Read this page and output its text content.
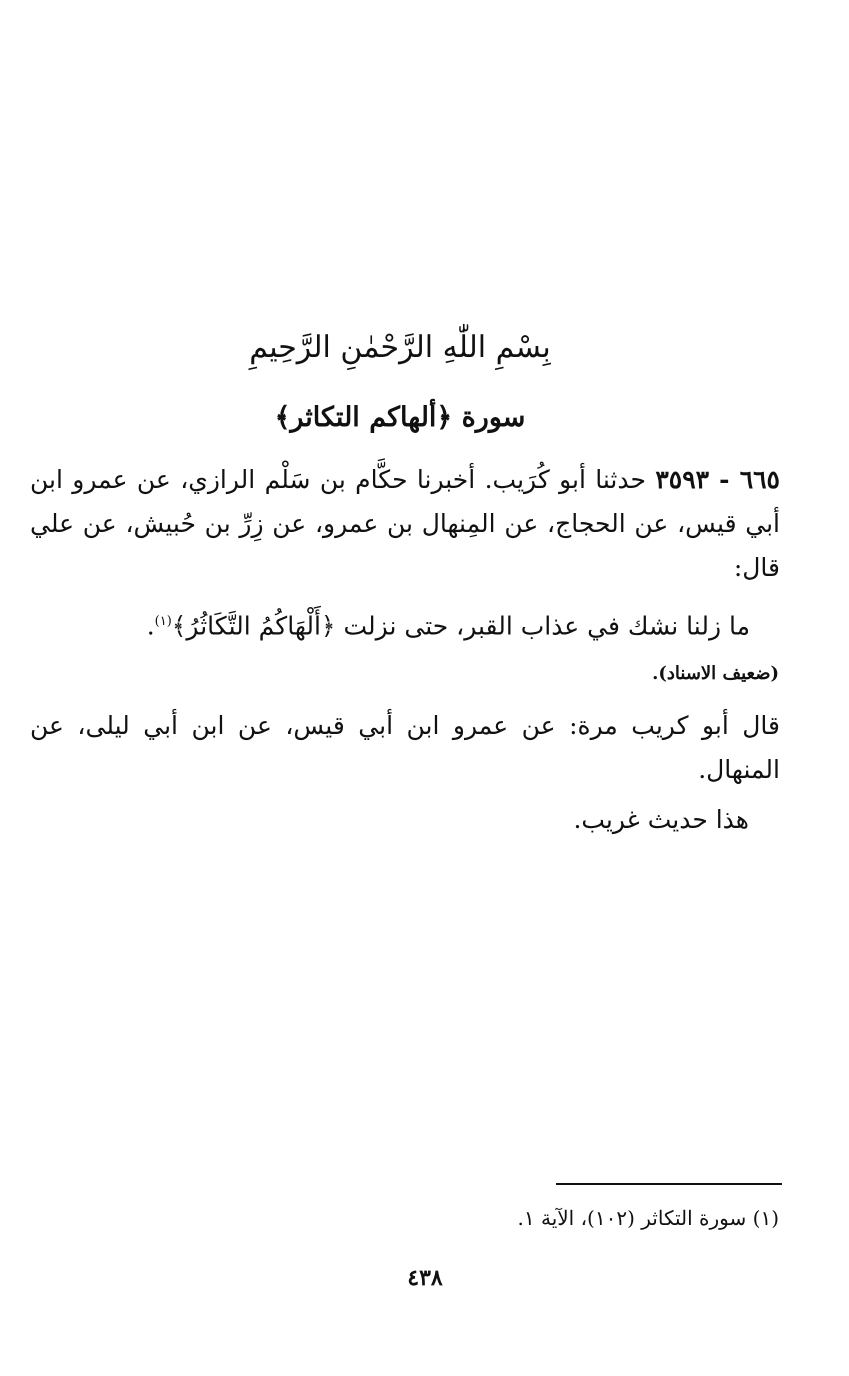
بِسْمِ اللّٰهِ الرَّحْمٰنِ الرَّحِيمِ
سورة ﴿ألهاكم التكاثر﴾
٦٦٥ - ٣٥٩٣ حدثنا أبو كُرَيب. أخبرنا حكَّام بن سَلْم الرازي، عن عمرو ابن أبي قيس، عن الحجاج، عن المِنهال بن عمرو، عن زِرِّ بن حُبيش، عن علي قال:
ما زلنا نشك في عذاب القبر، حتى نزلت ﴿أَلْهَاكُمُ التَّكَاثُرُ﴾$^{(١)}$.
(ضعيف الاسناد).
قال أبو كريب مرة: عن عمرو ابن أبي قيس، عن ابن أبي ليلى، عن المنهال.
هذا حديث غريب.
(١) سورة التكاثر (١٠٢)، الآية ١.
٤٣٨
